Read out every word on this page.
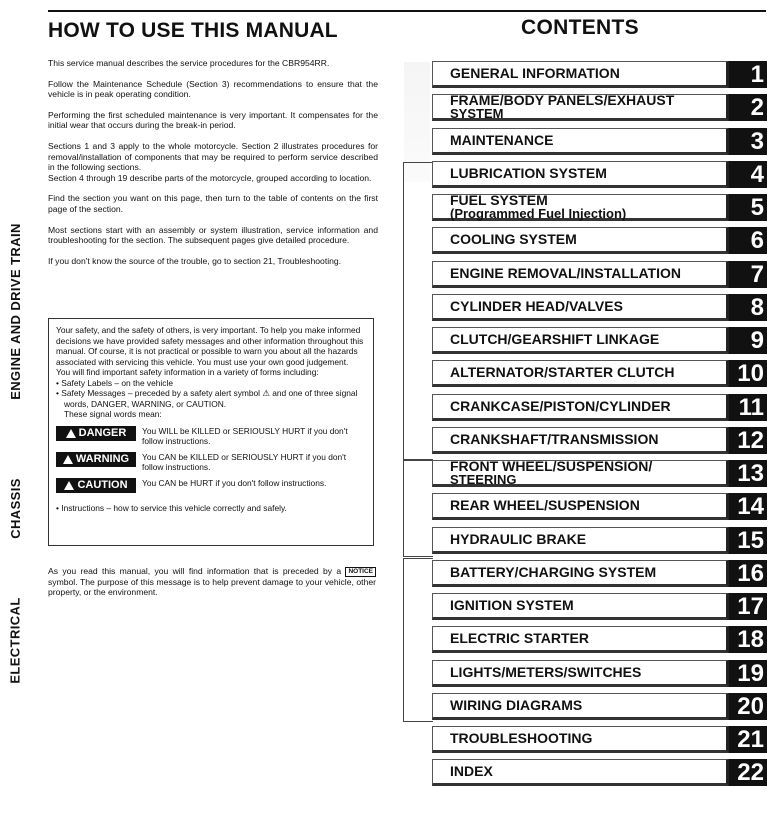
HOW TO USE THIS MANUAL

This service manual describes the service procedures for the CBR954RR.

Follow the Maintenance Schedule (Section 3) recommendations to ensure that the vehicle is in peak operating condition.

Performing the first scheduled maintenance is very important. It compensates for the initial wear that occurs during the break-in period.

Sections 1 and 3 apply to the whole motorcycle. Section 2 illustrates procedures for removal/installation of components that may be required to perform service described in the following sections.

Section 4 through 19 describe parts of the motorcycle, grouped according to location.

Find the section you want on this page, then turn to the table of contents on the first page of the section.

Most sections start with an assembly or system illustration, service information and troubleshooting for the section. The subsequent pages give detailed procedure.

If you don't know the source of the trouble, go to section 21, Troubleshooting.

Your safety, and the safety of others, is very important. To help you make informed decisions we have provided safety messages and other information throughout this manual. Of course, it is not practical or possible to warn you about all the hazards associated with servicing this vehicle. You must use your own good judgement.
You will find important safety information in a variety of forms including:
• Safety Labels – on the vehicle
• Safety Messages – preceded by a safety alert symbol ⚠ and one of three signal words, DANGER, WARNING, or CAUTION.
These signal words mean:
DANGER You WILL be KILLED or SERIOUSLY HURT if you don't follow instructions.
WARNING You CAN be KILLED or SERIOUSLY HURT if you don't follow instructions.
CAUTION You CAN be HURT if you don't follow instructions.
• Instructions – how to service this vehicle correctly and safely.

As you read this manual, you will find information that is preceded by a NOTICE symbol. The purpose of this message is to help prevent damage to your vehicle, other property, or the environment.

CONTENTS
ENGINE AND DRIVE TRAIN
CHASSIS
ELECTRICAL
GENERAL INFORMATION	1
FRAME/BODY PANELS/EXHAUST
SYSTEM	2
MAINTENANCE	3
LUBRICATION SYSTEM	4
FUEL SYSTEM
(Programmed Fuel Injection)	5
COOLING SYSTEM	6
ENGINE REMOVAL/INSTALLATION	7
CYLINDER HEAD/VALVES	8
CLUTCH/GEARSHIFT LINKAGE	9
ALTERNATOR/STARTER CLUTCH	10
CRANKCASE/PISTON/CYLINDER	11
CRANKSHAFT/TRANSMISSION	12
FRONT WHEEL/SUSPENSION/
STEERING	13
REAR WHEEL/SUSPENSION	14
HYDRAULIC BRAKE	15
BATTERY/CHARGING SYSTEM	16
IGNITION SYSTEM	17
ELECTRIC STARTER	18
LIGHTS/METERS/SWITCHES	19
WIRING DIAGRAMS	20
TROUBLESHOOTING	21
INDEX	22
